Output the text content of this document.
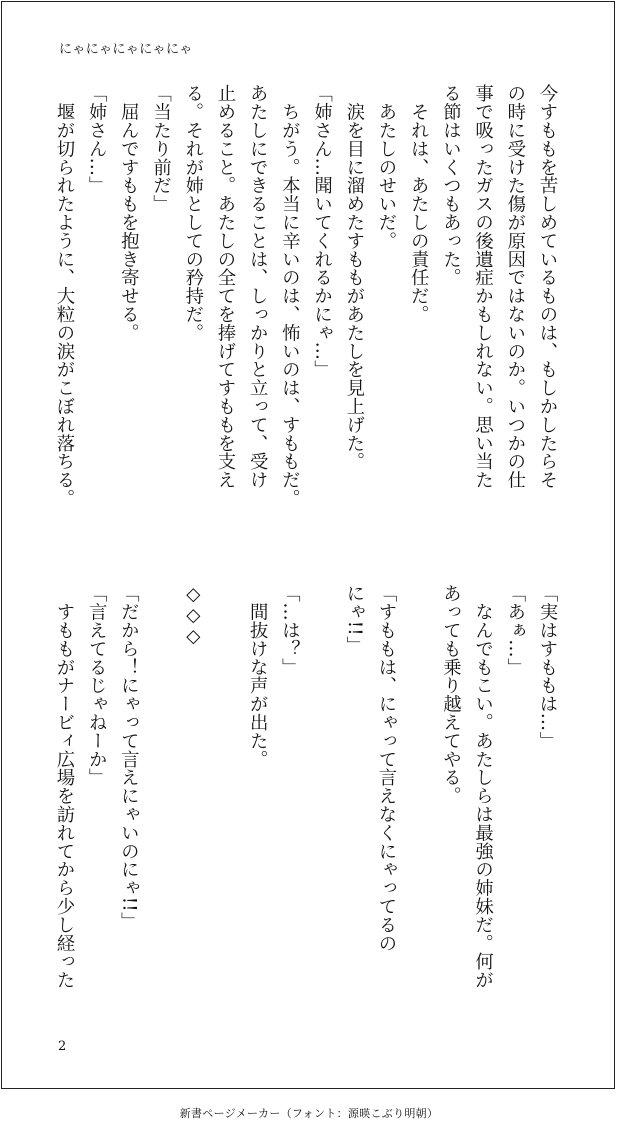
にゃにゃにゃにゃにゃ

今すももを苦しめているものは、もしかしたらそ

の時に受けた傷が原因ではないのか。いつかの仕

事で吸ったガスの後遺症かもしれない。思い当た

る節はいくつもあった。

　それは、あたしの責任だ。

　あたしのせいだ。

　涙を目に溜めたすももがあたしを見上げた。

「姉さん…聞いてくれるかにゃ…」

　ちがう。本当に辛いのは、怖いのは、すももだ。

あたしにできることは、しっかりと立って、受け

止めること。あたしの全てを捧げてすももを支え

る。それが姉としての矜持だ。

「当たり前だ」

　屈んですももを抱き寄せる。

「姉さん…」

　堰が切られたように、大粒の涙がこぼれ落ちる。

「実はすももは…」

「あぁ…」

　なんでもこい。あたしらは最強の姉妹だ。何が

あっても乗り越えてやる。

「すももは、にゃって言えなくにゃってるの

にゃ!!」

「…は？」

　間抜けな声が出た。

◇◇◇

「だから！にゃって言えにゃいのにゃ!!」

「言えてるじゃねーか」

　すももがナービィ広場を訪れてから少し経った

2
新書ページメーカー（フォント：源暎こぶり明朝）
